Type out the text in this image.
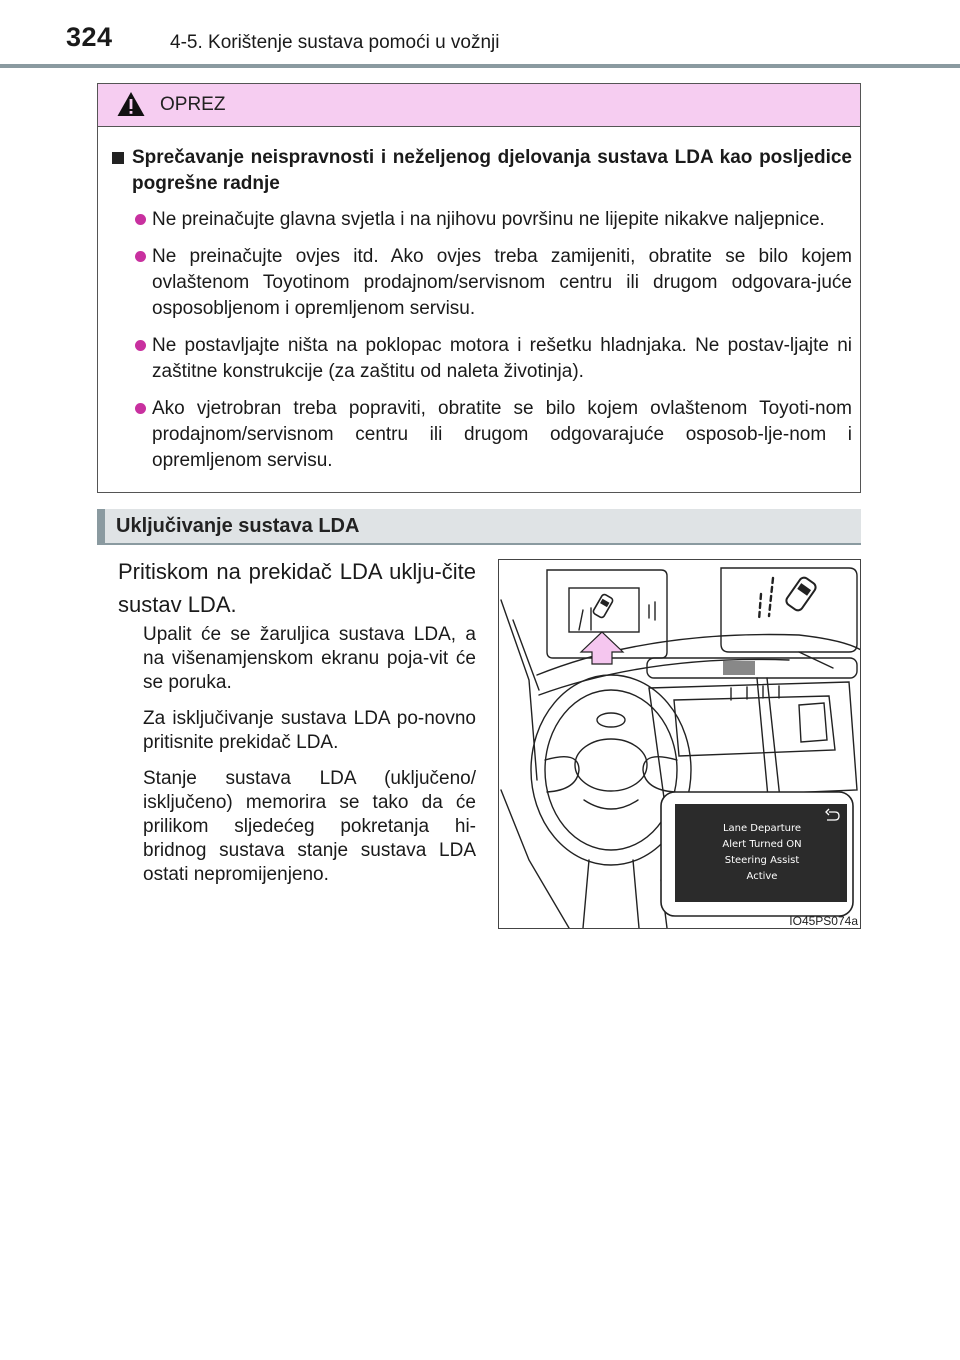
324	4-5. Korištenje sustava pomoći u vožnji
OPREZ
Sprečavanje neispravnosti i neželjenog djelovanja sustava LDA kao posljedice pogrešne radnje
Ne preinačujte glavna svjetla i na njihovu površinu ne lijepite nikakve naljepnice.
Ne preinačujte ovjes itd. Ako ovjes treba zamijeniti, obratite se bilo kojem ovlaštenom Toyotinom prodajnom/servisnom centru ili drugom odgovara-juće osposobljenom i opremljenom servisu.
Ne postavljajte ništa na poklopac motora i rešetku hladnjaka. Ne postav-ljajte ni zaštitne konstrukcije (za zaštitu od naleta životinja).
Ako vjetrobran treba popraviti, obratite se bilo kojem ovlaštenom Toyoti-nom prodajnom/servisnom centru ili drugom odgovarajuće osposob-lje-nom i opremljenom servisu.
Uključivanje sustava LDA
Pritiskom na prekidač LDA uklju-čite sustav LDA.
Upalit će se žaruljica sustava LDA, a na višenamjenskom ekranu poja-vit će se poruka.
Za isključivanje sustava LDA po-novno pritisnite prekidač LDA.
Stanje sustava LDA (uključeno/ isključeno) memorira se tako da će prilikom sljedećeg pokretanja hi-bridnog sustava stanje sustava LDA ostati nepromijenjeno.
Lane Departure
Alert Turned ON
Steering Assist
Active
IO45PS074a
